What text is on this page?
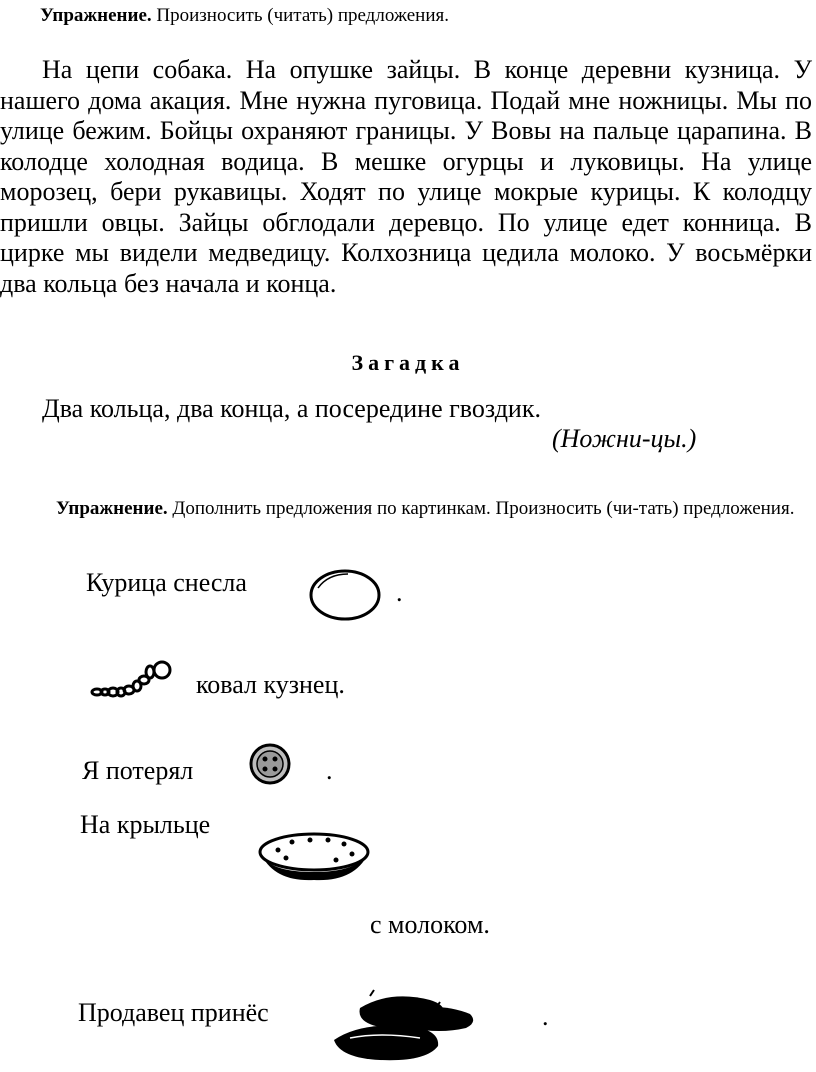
Упражнение. Произносить (читать) предложения.
На цепи собака. На опушке зайцы. В конце деревни кузница. У нашего дома акация. Мне нужна пуговица. Подай мне ножницы. Мы по улице бежим. Бойцы охраняют границы. У Вовы на пальце царапина. В колодце холодная водица. В мешке огурцы и луковицы. На улице морозец, бери рукавицы. Ходят по улице мокрые курицы. К колодцу пришли овцы. Зайцы обглодали деревцо. По улице едет конница. В цирке мы видели медведицу. Колхозница цедила молоко. У восьмёрки два кольца без начала и конца.
Загадка
Два кольца, два конца, а посередине гвоздик.
(Ножни-цы.)
Упражнение. Дополнить предложения по картинкам. Произносить (чи-тать) предложения.
Курица снесла	.
ковал кузнец.
Я потерял	.
На крыльце
с молоком.
Продавец принёс	.
